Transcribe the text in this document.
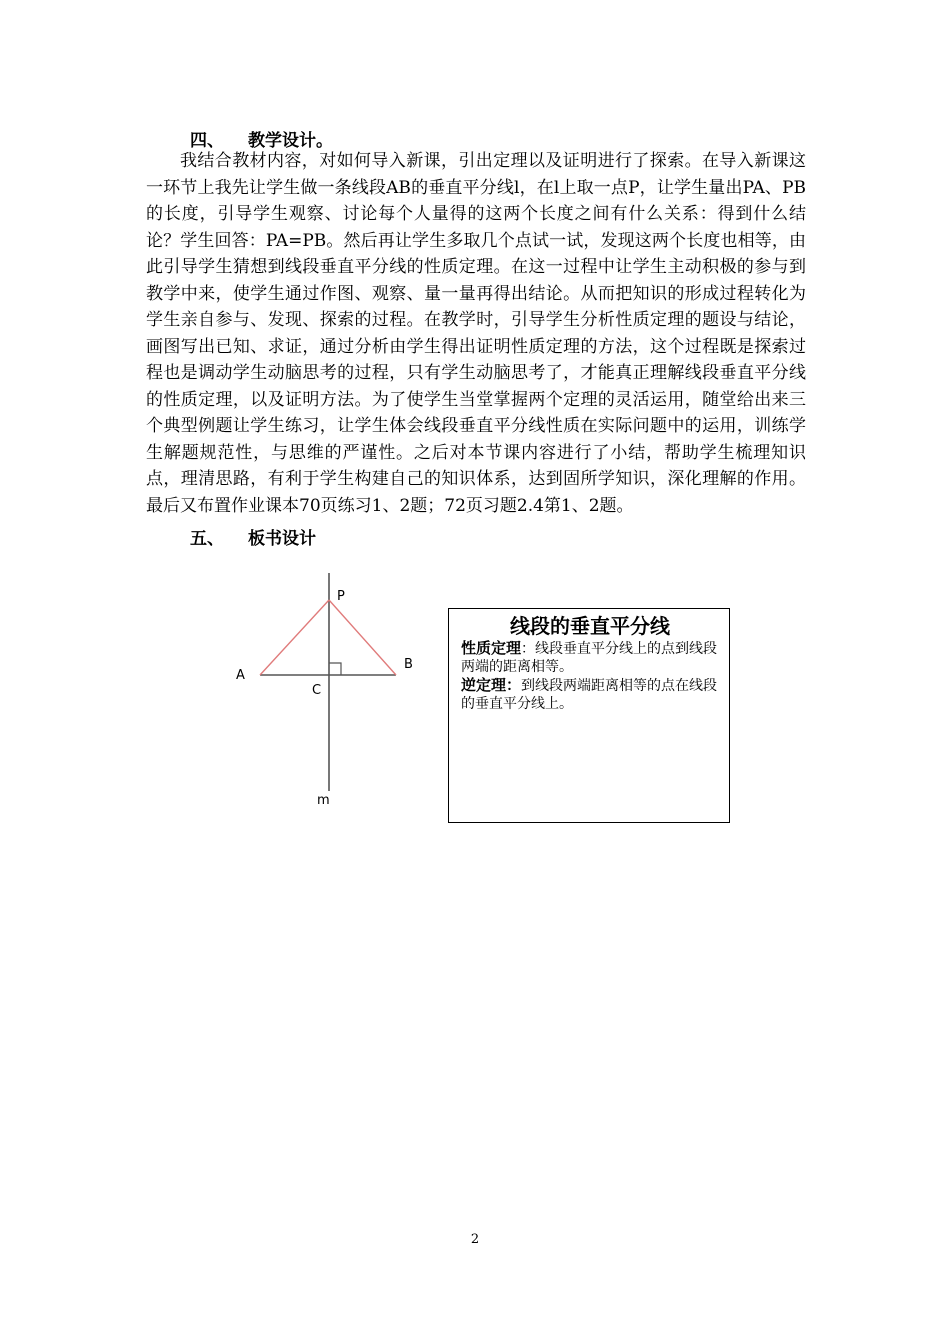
四、 教学设计。

我结合教材内容，对如何导入新课，引出定理以及证明进行了探索。在导入新课这一环节上我先让学生做一条线段AB的垂直平分线l，在l上取一点P，让学生量出PA、PB的长度，引导学生观察、讨论每个人量得的这两个长度之间有什么关系：得到什么结论？学生回答：PA=PB。然后再让学生多取几个点试一试，发现这两个长度也相等，由此引导学生猜想到线段垂直平分线的性质定理。在这一过程中让学生主动积极的参与到教学中来，使学生通过作图、观察、量一量再得出结论。从而把知识的形成过程转化为学生亲自参与、发现、探索的过程。在教学时，引导学生分析性质定理的题设与结论，画图写出已知、求证，通过分析由学生得出证明性质定理的方法，这个过程既是探索过程也是调动学生动脑思考的过程，只有学生动脑思考了，才能真正理解线段垂直平分线的性质定理，以及证明方法。为了使学生当堂掌握两个定理的灵活运用，随堂给出来三个典型例题让学生练习，让学生体会线段垂直平分线性质在实际问题中的运用，训练学生解题规范性，与思维的严谨性。之后对本节课内容进行了小结，帮助学生梳理知识点，理清思路，有利于学生构建自己的知识体系，达到固所学知识，深化理解的作用。最后又布置作业课本70页练习1、2题；72页习题2.4第1、2题。

五、 板书设计
P
A
B
C
m
线段的垂直平分线

性质定理：线段垂直平分线上的点到线段两端的距离相等。

逆定理：到线段两端距离相等的点在线段的垂直平分线上。

2
